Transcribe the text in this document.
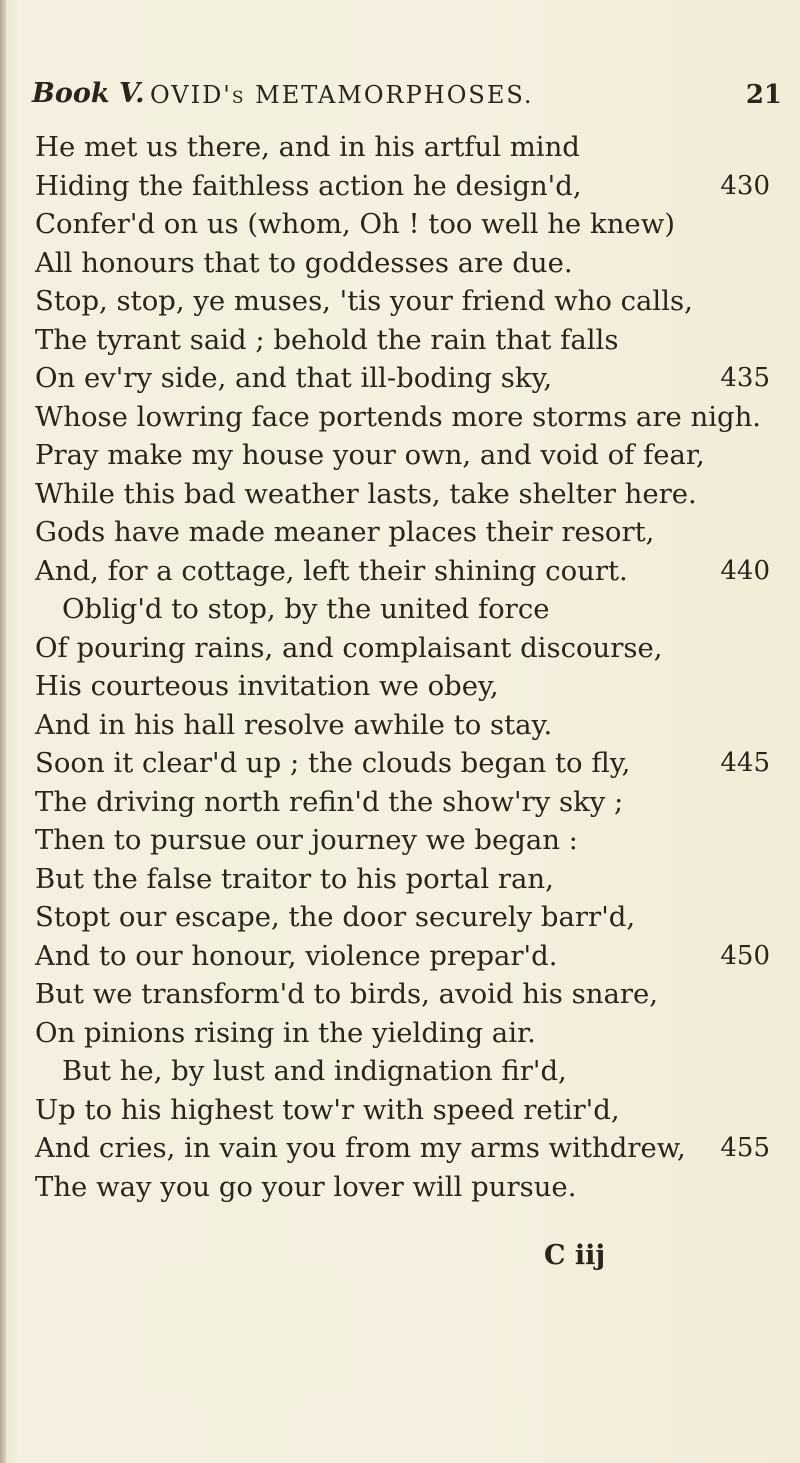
Book V. OVID's METAMORPHOSES.	21
He met us there, and in his artful mind
Hiding the faithless action he design'd,	430
Confer'd on us (whom, Oh ! too well he knew)
All honours that to goddesses are due.
Stop, stop, ye muses, 'tis your friend who calls,
The tyrant said ; behold the rain that falls
On ev'ry side, and that ill-boding sky,	435
Whose lowring face portends more storms are nigh.
Pray make my house your own, and void of fear,
While this bad weather lasts, take shelter here.
Gods have made meaner places their resort,
And, for a cottage, left their shining court.	440
Oblig'd to stop, by the united force
Of pouring rains, and complaisant discourse,
His courteous invitation we obey,
And in his hall resolve awhile to stay.
Soon it clear'd up ; the clouds began to fly,	445
The driving north refin'd the show'ry sky ;
Then to pursue our journey we began :
But the false traitor to his portal ran,
Stopt our escape, the door securely barr'd,
And to our honour, violence prepar'd.	450
But we transform'd to birds, avoid his snare,
On pinions rising in the yielding air.
But he, by lust and indignation fir'd,
Up to his highest tow'r with speed retir'd,
And cries, in vain you from my arms withdrew, 455
The way you go your lover will pursue.
C iij
